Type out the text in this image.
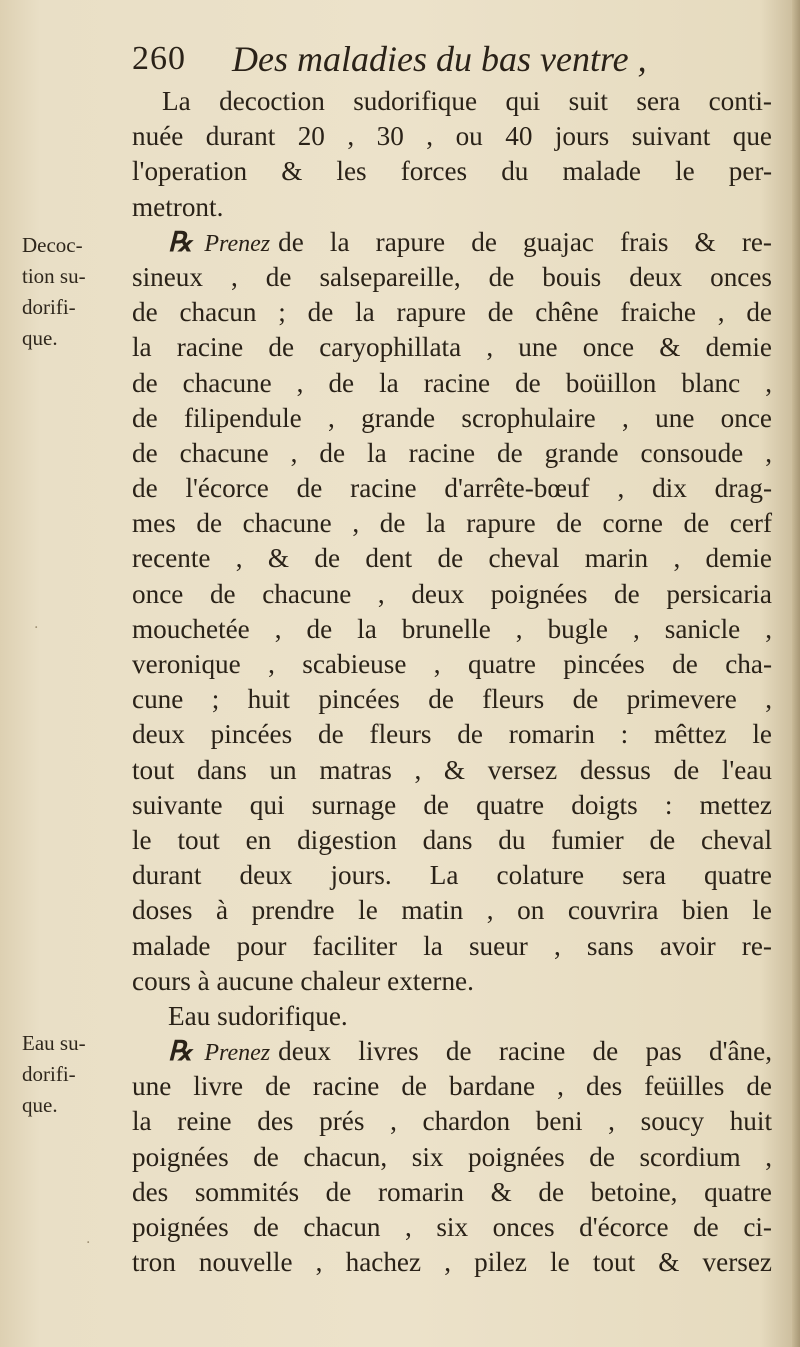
260 Des maladies du bas ventre ,
Decoc-
tion su-
dorifi-
que.
Eau su-
dorifi-
que.
·
·
La decoction sudorifique qui suit sera conti-
nuée durant 20 , 30 , ou 40 jours suivant que
l'operation & les forces du malade le per-
metront.
℞ Prenez de la rapure de guajac frais & re-
sineux , de salsepareille, de bouis deux onces
de chacun ; de la rapure de chêne fraiche , de
la racine de caryophillata , une once & demie
de chacune , de la racine de boüillon blanc ,
de filipendule , grande scrophulaire , une once
de chacune , de la racine de grande consoude ,
de l'écorce de racine d'arrête-bœuf , dix drag-
mes de chacune , de la rapure de corne de cerf
recente , & de dent de cheval marin , demie
once de chacune , deux poignées de persicaria
mouchetée , de la brunelle , bugle , sanicle ,
veronique , scabieuse , quatre pincées de cha-
cune ; huit pincées de fleurs de primevere ,
deux pincées de fleurs de romarin : mêttez le
tout dans un matras , & versez dessus de l'eau
suivante qui surnage de quatre doigts : mettez
le tout en digestion dans du fumier de cheval
durant deux jours. La colature sera quatre
doses à prendre le matin , on couvrira bien le
malade pour faciliter la sueur , sans avoir re-
cours à aucune chaleur externe.
Eau sudorifique.
℞ Prenez deux livres de racine de pas d'âne,
une livre de racine de bardane , des feüilles de
la reine des prés , chardon beni , soucy huit
poignées de chacun, six poignées de scordium ,
des sommités de romarin & de betoine, quatre
poignées de chacun , six onces d'écorce de ci-
tron nouvelle , hachez , pilez le tout & versez
